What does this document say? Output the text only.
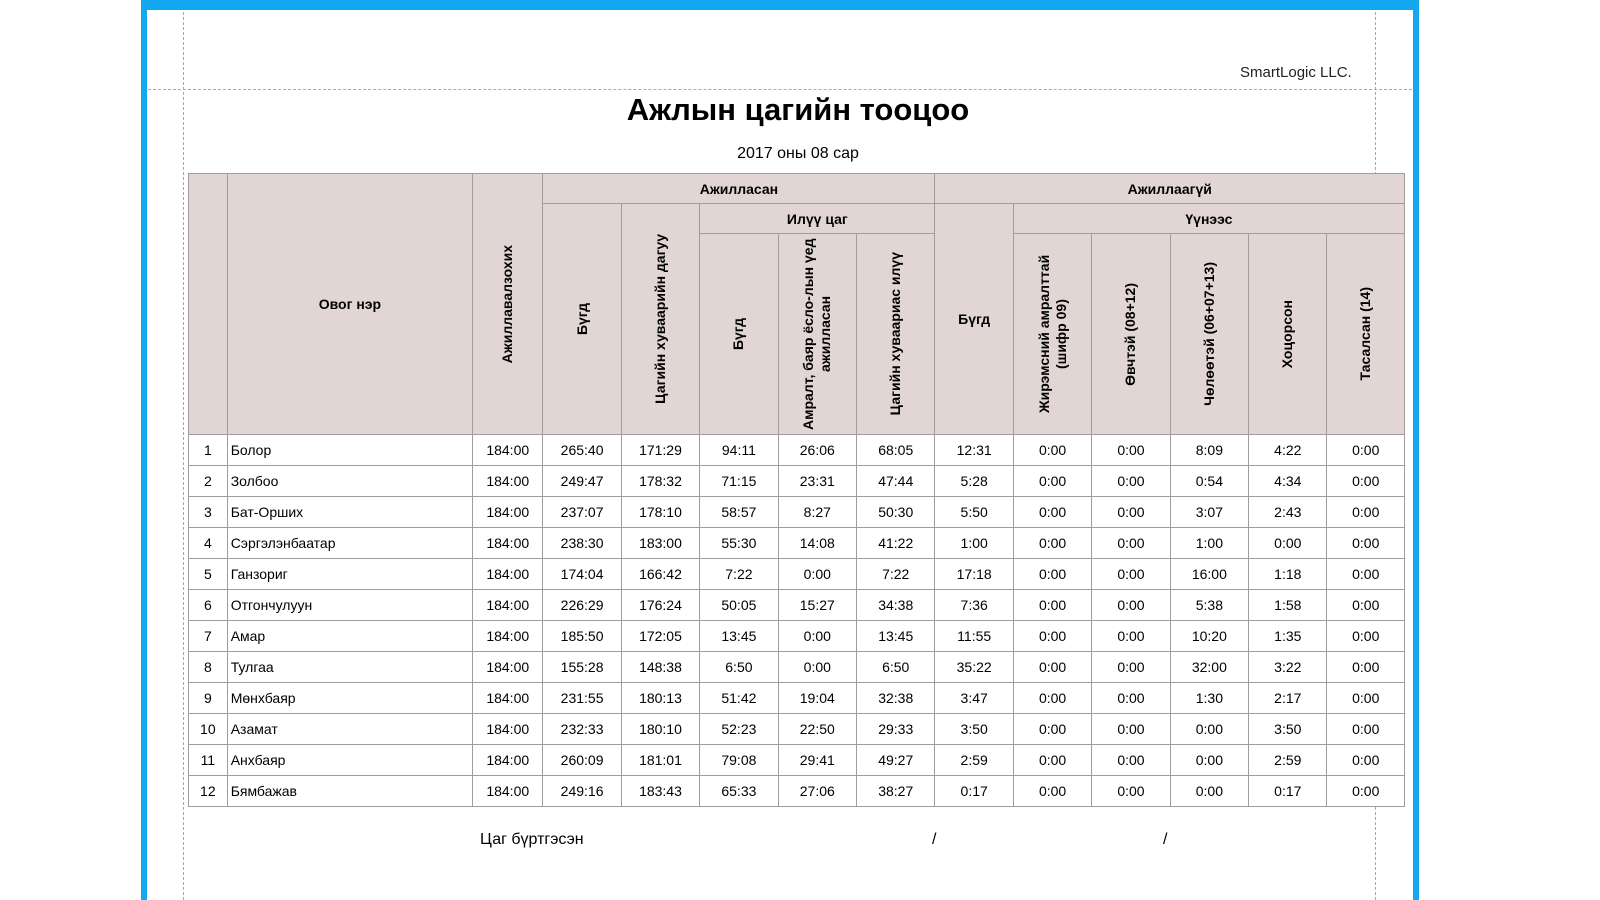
SmartLogic LLC.
Ажлын цагийн тооцоо
2017 оны 08 сар
	Овог нэр	Ажиллавалзохих	Ажилласан					Ажиллаагүй					

			Бүгд	Цагийн хуваарийн дагуу	Илүү цаг			Бүгд	Үүнээс				

					Бүгд	Амралт, баяр ёсло-лын үед ажилласан	Цагийн хуваариас илүү		Жирэмсний амралттай (шифр 09)	Өвчтэй (08+12)	Чөлөөтэй (06+07+13)	Хоцорсон	Тасалсан (14)

1	Болор	184:00	265:40	171:29	94:11	26:06	68:05	12:31	0:00	0:00	8:09	4:22	0:00
2	Золбоо	184:00	249:47	178:32	71:15	23:31	47:44	5:28	0:00	0:00	0:54	4:34	0:00
3	Бат-Орших	184:00	237:07	178:10	58:57	8:27	50:30	5:50	0:00	0:00	3:07	2:43	0:00
4	Сэргэлэнбаатар	184:00	238:30	183:00	55:30	14:08	41:22	1:00	0:00	0:00	1:00	0:00	0:00
5	Ганзориг	184:00	174:04	166:42	7:22	0:00	7:22	17:18	0:00	0:00	16:00	1:18	0:00
6	Отгончулуун	184:00	226:29	176:24	50:05	15:27	34:38	7:36	0:00	0:00	5:38	1:58	0:00
7	Амар	184:00	185:50	172:05	13:45	0:00	13:45	11:55	0:00	0:00	10:20	1:35	0:00
8	Тулгаа	184:00	155:28	148:38	6:50	0:00	6:50	35:22	0:00	0:00	32:00	3:22	0:00
9	Мөнхбаяр	184:00	231:55	180:13	51:42	19:04	32:38	3:47	0:00	0:00	1:30	2:17	0:00
10	Азамат	184:00	232:33	180:10	52:23	22:50	29:33	3:50	0:00	0:00	0:00	3:50	0:00
11	Анхбаяр	184:00	260:09	181:01	79:08	29:41	49:27	2:59	0:00	0:00	0:00	2:59	0:00
12	Бямбажав	184:00	249:16	183:43	65:33	27:06	38:27	0:17	0:00	0:00	0:00	0:17	0:00
Цаг бүртгэсэн	/	/
